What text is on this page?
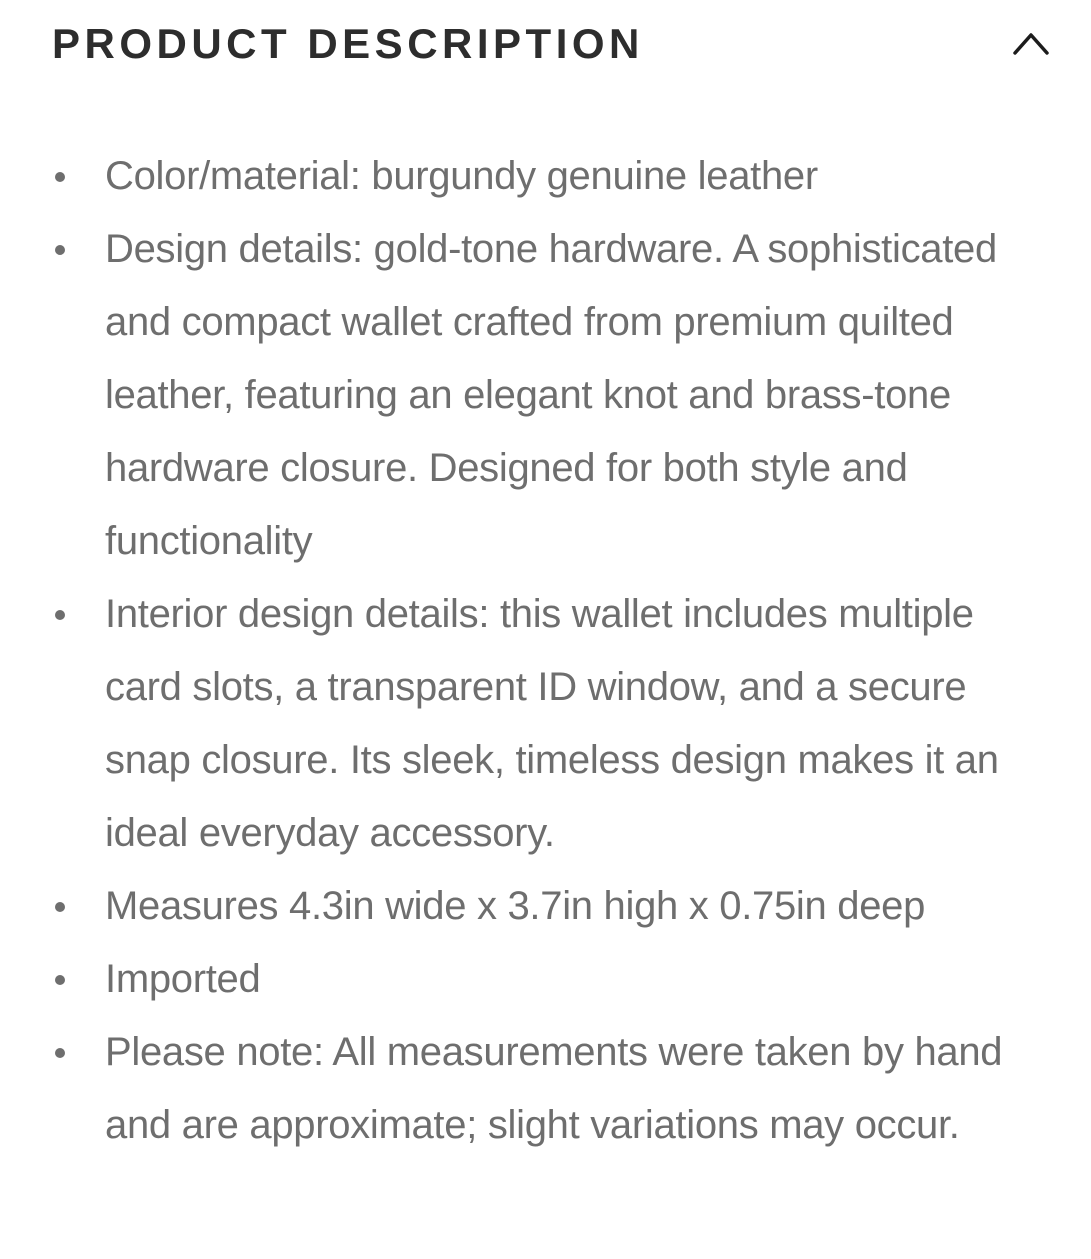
PRODUCT DESCRIPTION
Color/material: burgundy genuine leather
Design details: gold-tone hardware. A sophisticated and compact wallet crafted from premium quilted leather, featuring an elegant knot and brass-tone hardware closure. Designed for both style and functionality
Interior design details: this wallet includes multiple card slots, a transparent ID window, and a secure snap closure. Its sleek, timeless design makes it an ideal everyday accessory.
Measures 4.3in wide x 3.7in high x 0.75in deep
Imported
Please note: All measurements were taken by hand and are approximate; slight variations may occur.
